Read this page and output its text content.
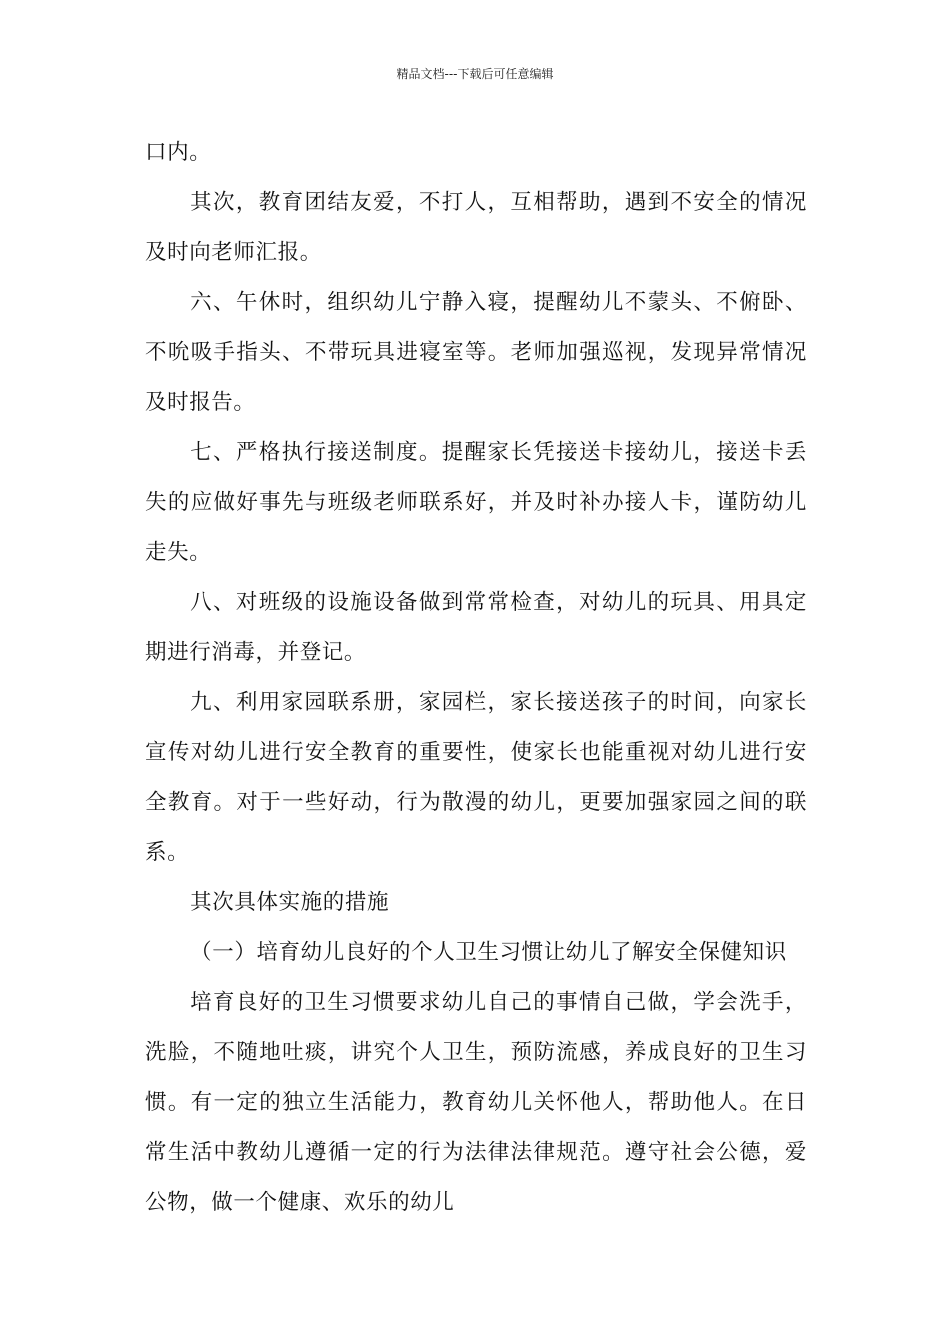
精品文档---下载后可任意编辑

口内。

其次，教育团结友爱，不打人，互相帮助，遇到不安全的情况及时向老师汇报。

六、午休时，组织幼儿宁静入寝，提醒幼儿不蒙头、不俯卧、不吮吸手指头、不带玩具进寝室等。老师加强巡视，发现异常情况及时报告。

七、严格执行接送制度。提醒家长凭接送卡接幼儿，接送卡丢失的应做好事先与班级老师联系好，并及时补办接人卡，谨防幼儿走失。

八、对班级的设施设备做到常常检查，对幼儿的玩具、用具定期进行消毒，并登记。

九、利用家园联系册，家园栏，家长接送孩子的时间，向家长宣传对幼儿进行安全教育的重要性，使家长也能重视对幼儿进行安全教育。对于一些好动，行为散漫的幼儿，更要加强家园之间的联系。

其次具体实施的措施

（一）培育幼儿良好的个人卫生习惯让幼儿了解安全保健知识

培育良好的卫生习惯要求幼儿自己的事情自己做，学会洗手，洗脸，不随地吐痰，讲究个人卫生，预防流感，养成良好的卫生习惯。有一定的独立生活能力，教育幼儿关怀他人，帮助他人。在日常生活中教幼儿遵循一定的行为法律法律规范。遵守社会公德，爱公物，做一个健康、欢乐的幼儿
